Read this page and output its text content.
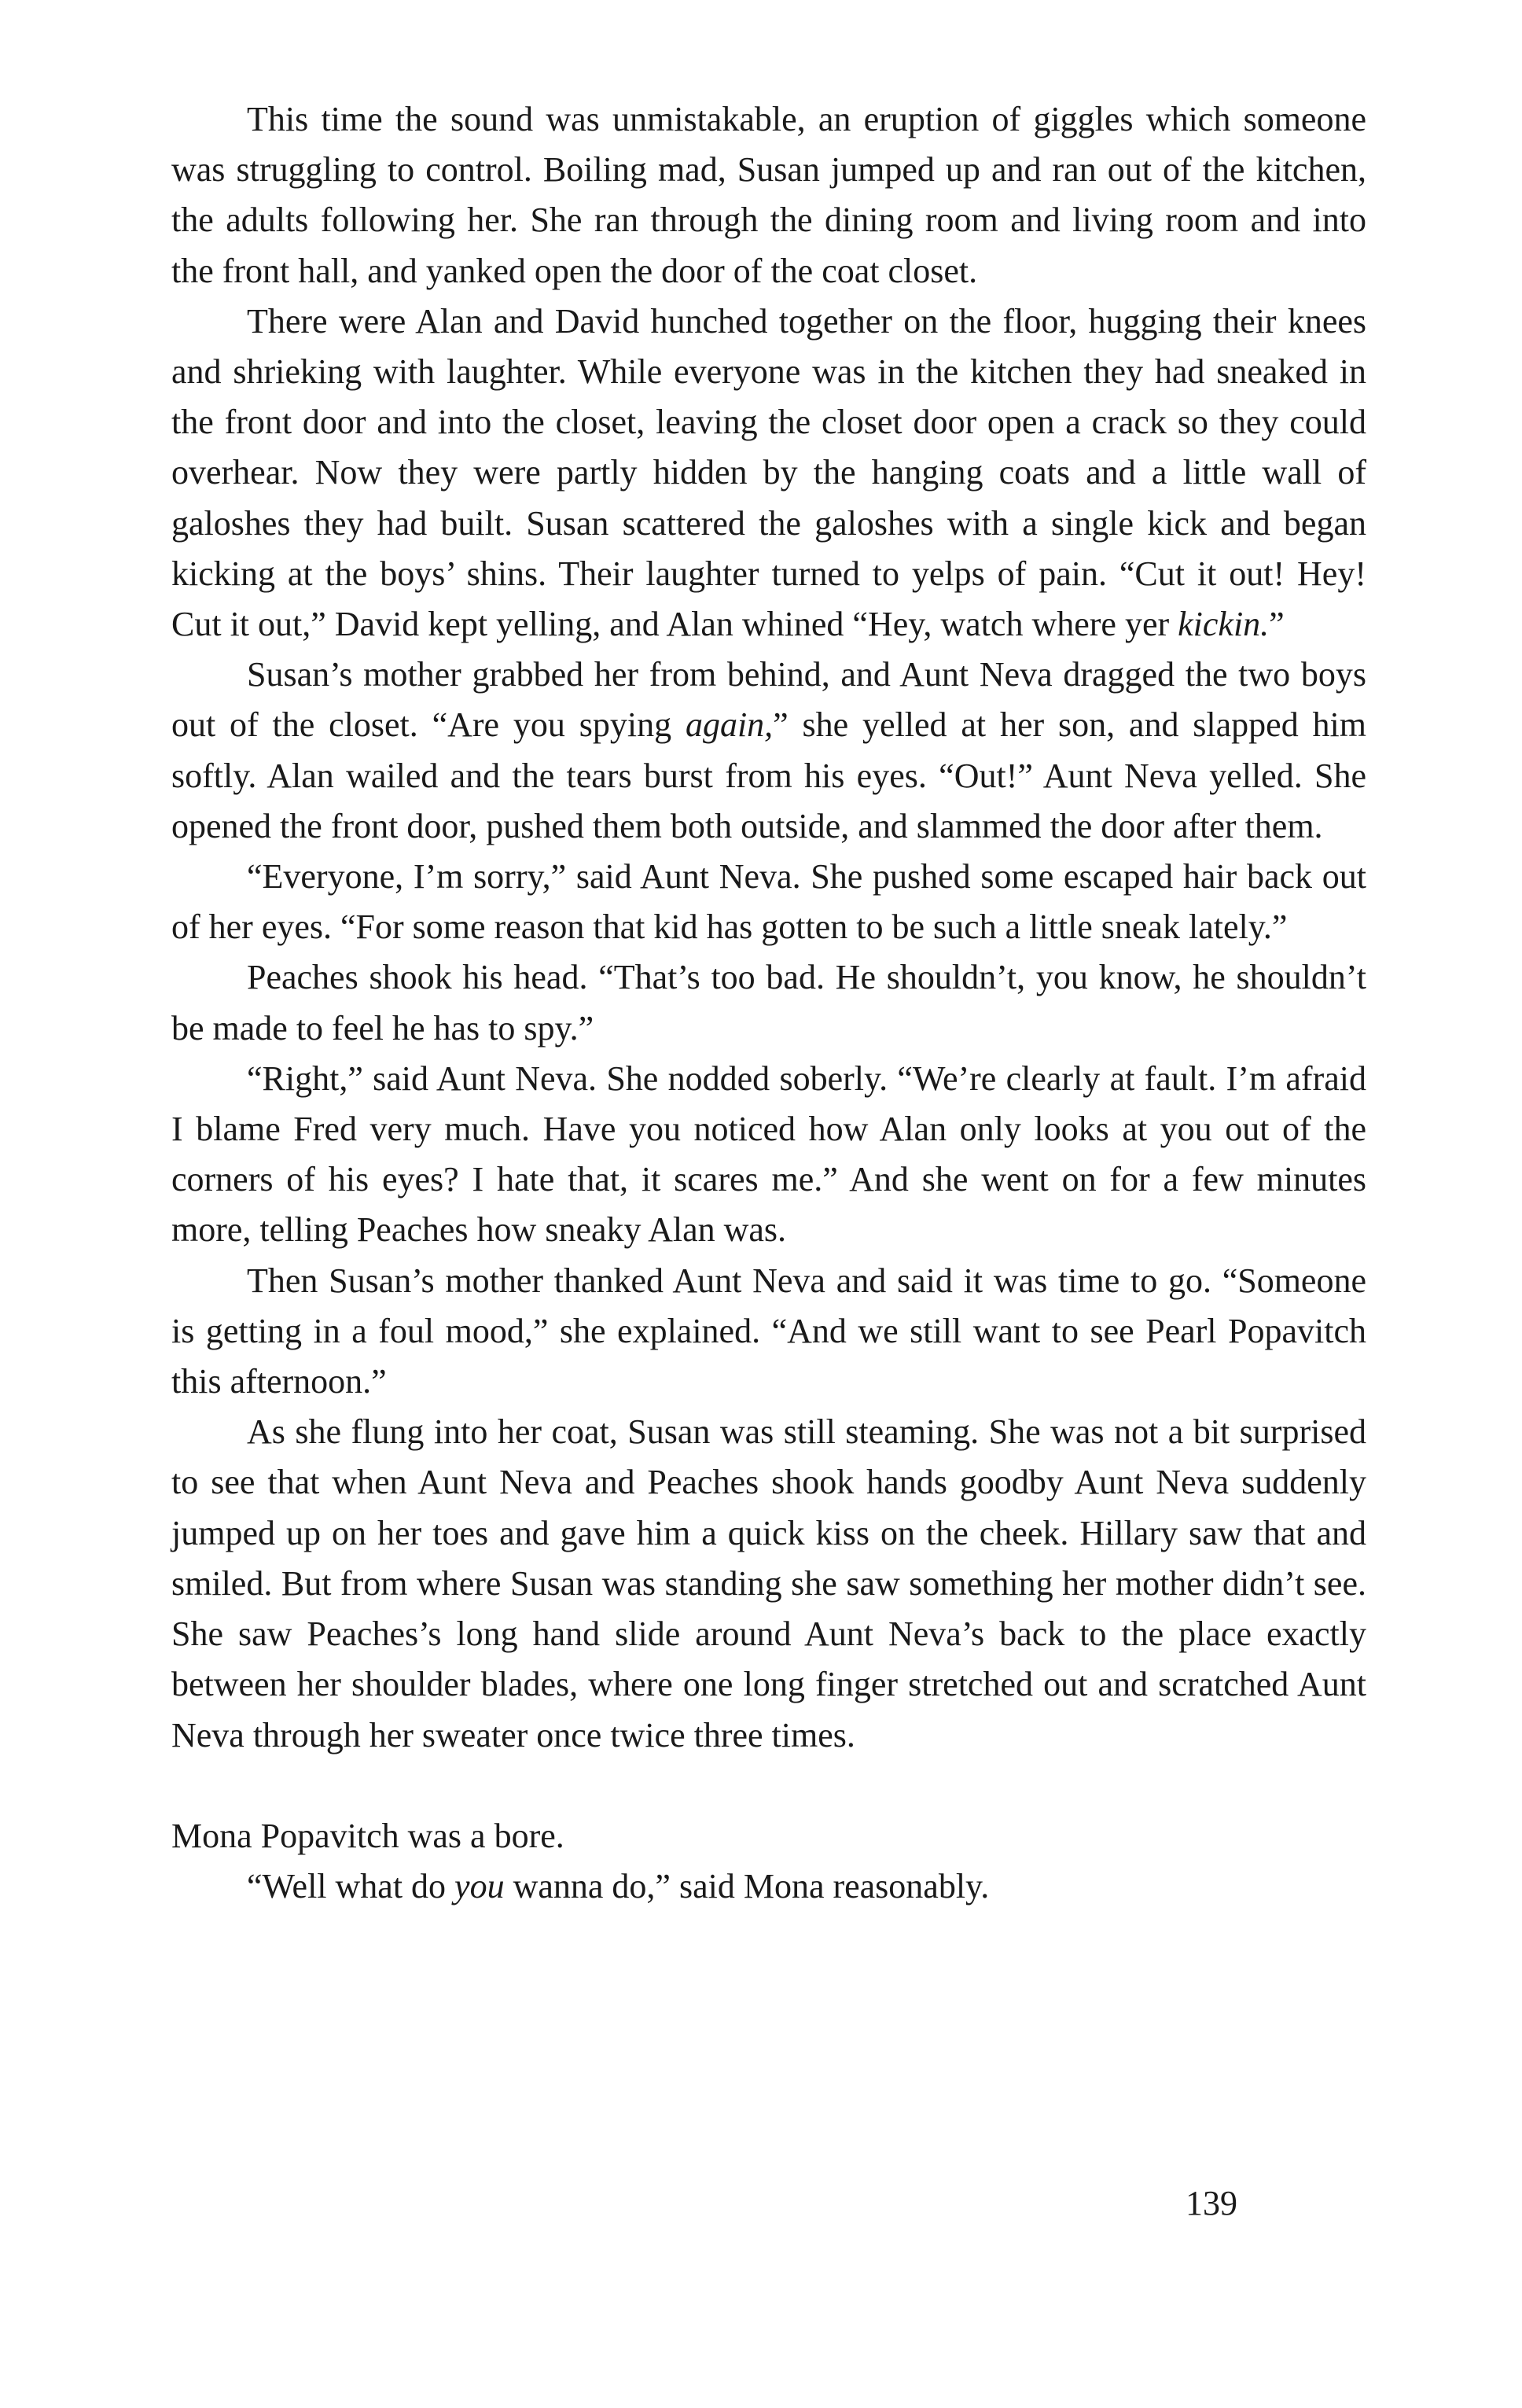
This time the sound was unmistakable, an eruption of giggles which someone was struggling to control. Boiling mad, Susan jumped up and ran out of the kitchen, the adults following her. She ran through the dining room and living room and into the front hall, and yanked open the door of the coat closet.

There were Alan and David hunched together on the floor, hugging their knees and shrieking with laughter. While everyone was in the kitchen they had sneaked in the front door and into the closet, leaving the closet door open a crack so they could overhear. Now they were partly hidden by the hanging coats and a little wall of galoshes they had built. Susan scattered the galoshes with a single kick and began kicking at the boys’ shins. Their laughter turned to yelps of pain. “Cut it out! Hey! Cut it out,” David kept yelling, and Alan whined “Hey, watch where yer kickin.”

Susan’s mother grabbed her from behind, and Aunt Neva dragged the two boys out of the closet. “Are you spying again,” she yelled at her son, and slapped him softly. Alan wailed and the tears burst from his eyes. “Out!” Aunt Neva yelled. She opened the front door, pushed them both outside, and slammed the door after them.

“Everyone, I’m sorry,” said Aunt Neva. She pushed some escaped hair back out of her eyes. “For some reason that kid has gotten to be such a little sneak lately.”

Peaches shook his head. “That’s too bad. He shouldn’t, you know, he shouldn’t be made to feel he has to spy.”

“Right,” said Aunt Neva. She nodded soberly. “We’re clearly at fault. I’m afraid I blame Fred very much. Have you noticed how Alan only looks at you out of the corners of his eyes? I hate that, it scares me.” And she went on for a few minutes more, telling Peaches how sneaky Alan was.

Then Susan’s mother thanked Aunt Neva and said it was time to go. “Someone is getting in a foul mood,” she explained. “And we still want to see Pearl Popavitch this afternoon.”

As she flung into her coat, Susan was still steaming. She was not a bit surprised to see that when Aunt Neva and Peaches shook hands goodby Aunt Neva suddenly jumped up on her toes and gave him a quick kiss on the cheek. Hillary saw that and smiled. But from where Susan was standing she saw something her mother didn’t see. She saw Peaches’s long hand slide around Aunt Neva’s back to the place exactly between her shoulder blades, where one long finger stretched out and scratched Aunt Neva through her sweater once twice three times.

Mona Popavitch was a bore.

“Well what do you wanna do,” said Mona reasonably.

139
